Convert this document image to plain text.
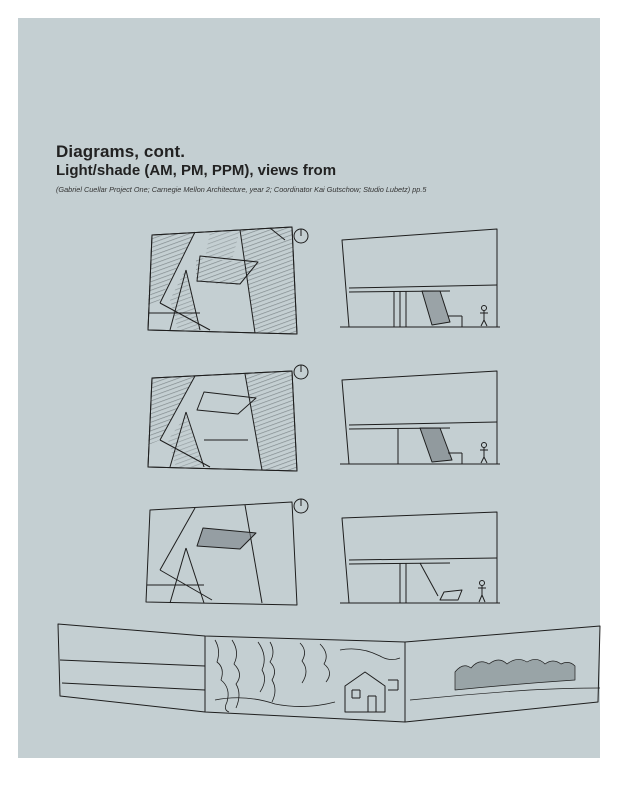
Diagrams, cont.
Light/shade (AM, PM, PPM), views from

(Gabriel Cuellar Project One; Carnegie Mellon Architecture, year 2; Coordinator Kai Gutschow; Studio Lubetz) pp.5
